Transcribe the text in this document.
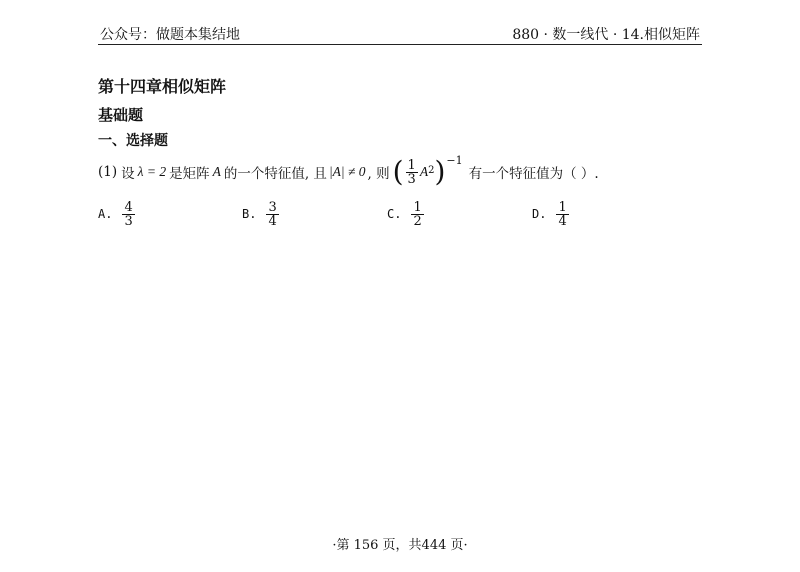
公众号：做题本集结地	880 · 数一线代 · 14.相似矩阵
第十四章相似矩阵
基础题
一、选择题
(1) 设 λ = 2 是矩阵 A 的一个特征值, 且 |A| ≠ 0 , 则 ( $\frac{1}{3}$ A 2 ) −1
有一个特征值为（ ）.
A. $\frac{4}{3}$	B. $\frac{3}{4}$	C. $\frac{1}{2}$	D. $\frac{1}{4}$
·第 156 页，共444 页·
